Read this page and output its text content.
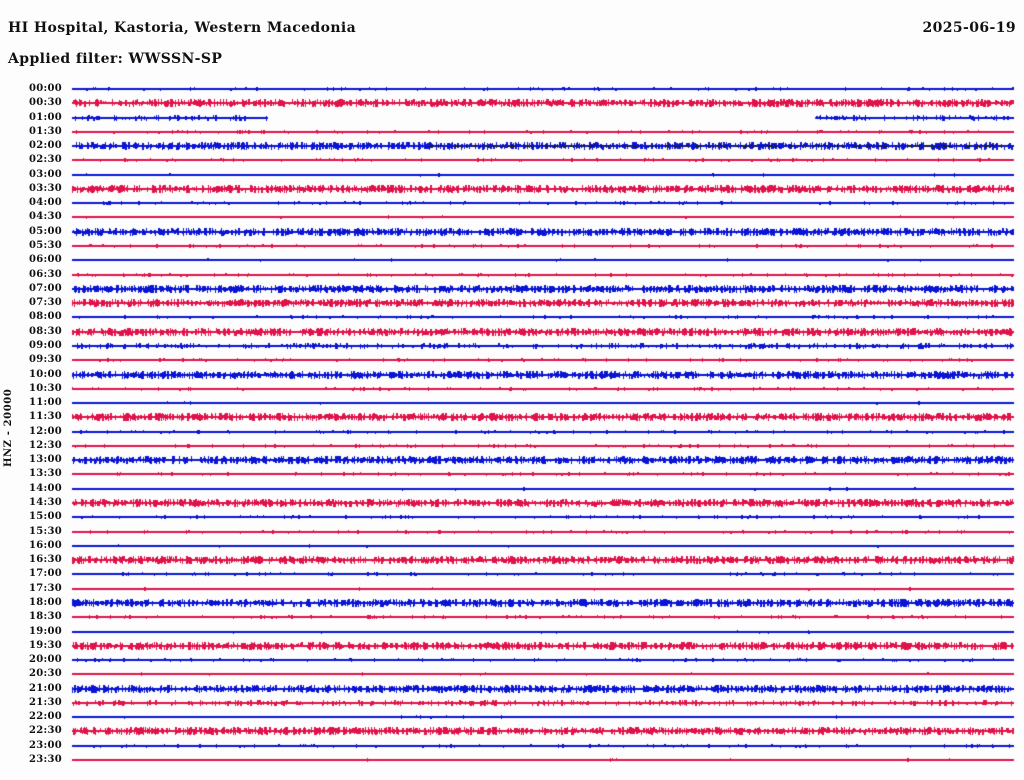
HI Hospital, Kastoria, Western Macedonia	2025-06-19
Applied filter: WWSSN-SP
HNZ - 20000
00:00
00:30
01:00
01:30
02:00
02:30
03:00
03:30
04:00
04:30
05:00
05:30
06:00
06:30
07:00
07:30
08:00
08:30
09:00
09:30
10:00
10:30
11:00
11:30
12:00
12:30
13:00
13:30
14:00
14:30
15:00
15:30
16:00
16:30
17:00
17:30
18:00
18:30
19:00
19:30
20:00
20:30
21:00
21:30
22:00
22:30
23:00
23:30
